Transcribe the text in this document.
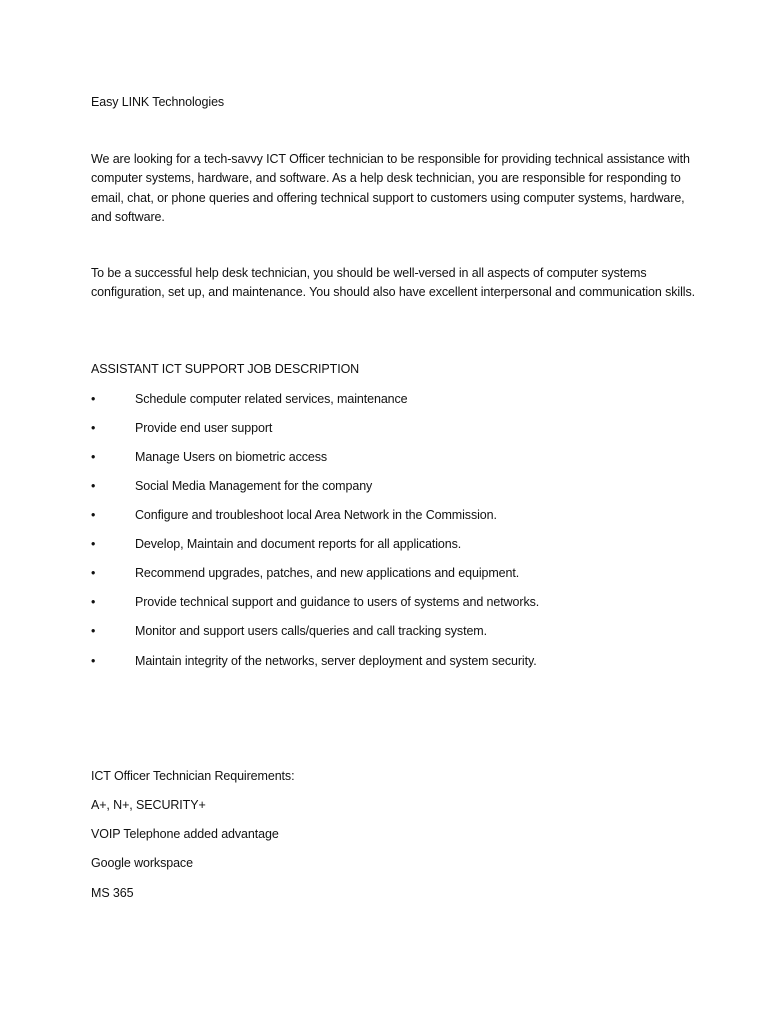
Easy LINK Technologies
We are looking for a tech-savvy ICT Officer technician to be responsible for providing technical assistance with computer systems, hardware, and software. As a help desk technician, you are responsible for responding to email, chat, or phone queries and offering technical support to customers using computer systems, hardware, and software.
To be a successful help desk technician, you should be well-versed in all aspects of computer systems configuration, set up, and maintenance. You should also have excellent interpersonal and communication skills.
ASSISTANT ICT SUPPORT JOB DESCRIPTION
•	Schedule computer related services, maintenance
•	Provide end user support
•	Manage Users on biometric access
•	Social Media Management for the company
•	Configure and troubleshoot local Area Network in the Commission.
•	Develop, Maintain and document reports for all applications.
•	Recommend upgrades, patches, and new applications and equipment.
•	Provide technical support and guidance to users of systems and networks.
•	Monitor and support users calls/queries and call tracking system.
•	Maintain integrity of the networks, server deployment and system security.
ICT Officer Technician Requirements:
A+, N+, SECURITY+
VOIP Telephone added advantage
Google workspace
MS 365
